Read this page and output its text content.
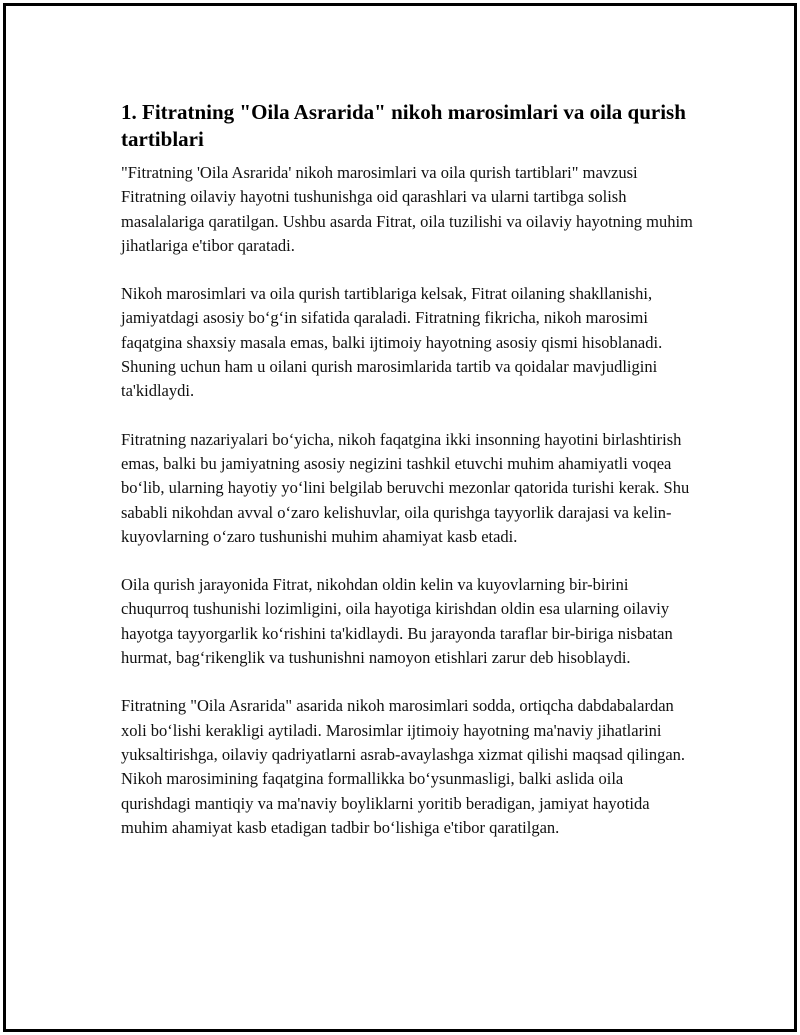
1. Fitratning "Oila Asrarida" nikoh marosimlari va oila qurish tartiblari

"Fitratning 'Oila Asrarida' nikoh marosimlari va oila qurish tartiblari" mavzusi Fitratning oilaviy hayotni tushunishga oid qarashlari va ularni tartibga solish masalalariga qaratilgan. Ushbu asarda Fitrat, oila tuzilishi va oilaviy hayotning muhim jihatlariga e'tibor qaratadi.

Nikoh marosimlari va oila qurish tartiblariga kelsak, Fitrat oilaning shakllanishi, jamiyatdagi asosiy bo‘g‘in sifatida qaraladi. Fitratning fikricha, nikoh marosimi faqatgina shaxsiy masala emas, balki ijtimoiy hayotning asosiy qismi hisoblanadi. Shuning uchun ham u oilani qurish marosimlarida tartib va qoidalar mavjudligini ta'kidlaydi.

Fitratning nazariyalari bo‘yicha, nikoh faqatgina ikki insonning hayotini birlashtirish emas, balki bu jamiyatning asosiy negizini tashkil etuvchi muhim ahamiyatli voqea bo‘lib, ularning hayotiy yo‘lini belgilab beruvchi mezonlar qatorida turishi kerak. Shu sababli nikohdan avval o‘zaro kelishuvlar, oila qurishga tayyorlik darajasi va kelin-kuyovlarning o‘zaro tushunishi muhim ahamiyat kasb etadi.

Oila qurish jarayonida Fitrat, nikohdan oldin kelin va kuyovlarning bir-birini chuqurroq tushunishi lozimligini, oila hayotiga kirishdan oldin esa ularning oilaviy hayotga tayyorgarlik ko‘rishini ta'kidlaydi. Bu jarayonda taraflar bir-biriga nisbatan hurmat, bag‘rikenglik va tushunishni namoyon etishlari zarur deb hisoblaydi.

Fitratning "Oila Asrarida" asarida nikoh marosimlari sodda, ortiqcha dabdabalardan xoli bo‘lishi kerakligi aytiladi. Marosimlar ijtimoiy hayotning ma'naviy jihatlarini yuksaltirishga, oilaviy qadriyatlarni asrab-avaylashga xizmat qilishi maqsad qilingan. Nikoh marosimining faqatgina formallikka bo‘ysunmasligi, balki aslida oila qurishdagi mantiqiy va ma'naviy boyliklarni yoritib beradigan, jamiyat hayotida muhim ahamiyat kasb etadigan tadbir bo‘lishiga e'tibor qaratilgan.
